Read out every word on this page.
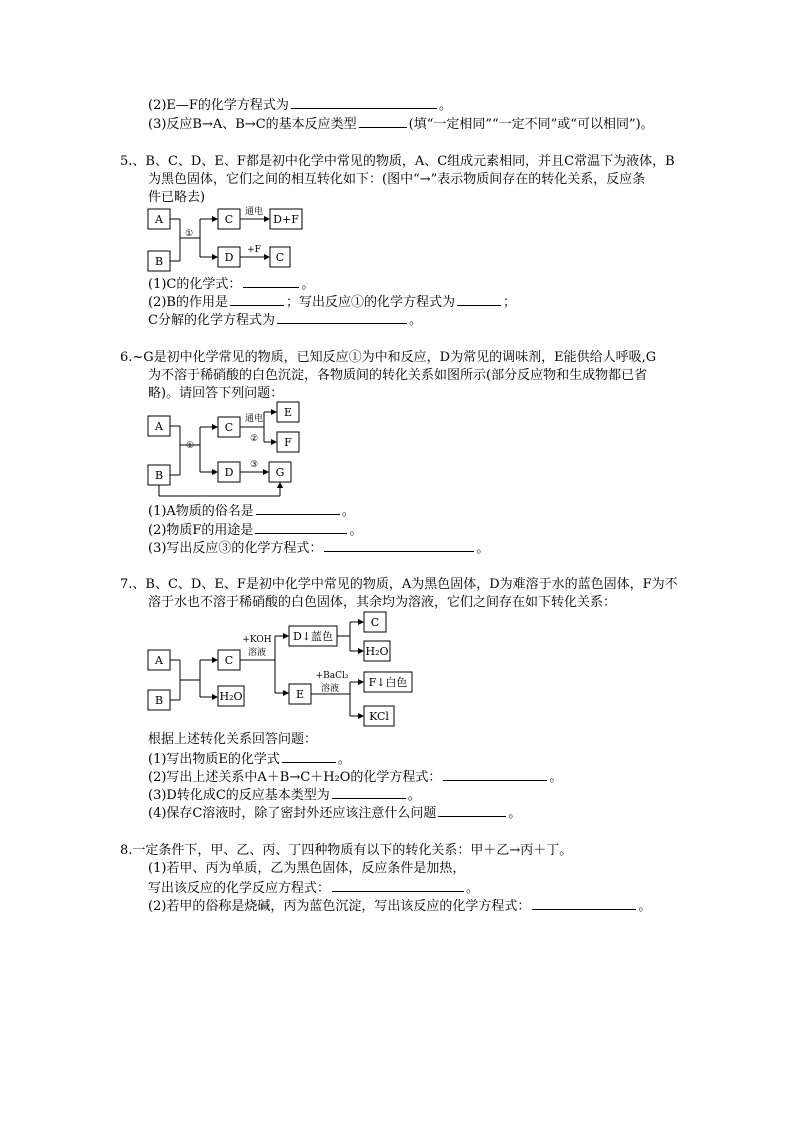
(2)E—F的化学方程式为	。
(3)反应B→A、B→C的基本反应类型	(填“一定相同”“一定不同”或“可以相同”)。
5.、B、C、D、E、F都是初中化学中常见的物质，A、C组成元素相同，并且C常温下为液体，B
为黑色固体，它们之间的相互转化如下：(图中“→”表示物质间存在的转化关系，反应条
件已略去)
A
B
①
C
通电
D+F
D
+F
C
(1)C的化学式：	。
(2)B的作用是	；写出反应①的化学方程式为	；
C分解的化学方程式为	。
6.~G是初中化学常见的物质，已知反应①为中和反应，D为常见的调味剂，E能供给人呼吸,G
为不溶于稀硝酸的白色沉淀，各物质间的转化关系如图所示(部分反应物和生成物都已省
略)。请回答下列问题：
A
B
①
C
通电
②
E
F
D
③
G
(1)A物质的俗名是	。
(2)物质F的用途是	。
(3)写出反应③的化学方程式：	。
7.、B、C、D、E、F是初中化学中常见的物质，A为黑色固体，D为难溶于水的蓝色固体，F为不
溶于水也不溶于稀硝酸的白色固体，其余均为溶液，它们之间存在如下转化关系：
A
B
C
H₂O
+KOH
溶液
D↓蓝色
C
H₂O
E
+BaCl₂
溶液	F↓白色
KCl
根据上述转化关系回答问题：
(1)写出物质E的化学式	。
(2)写出上述关系中A＋B→C＋H₂O的化学方程式：	。
(3)D转化成C的反应基本类型为	。
(4)保存C溶液时，除了密封外还应该注意什么问题	。
8.一定条件下，甲、乙、丙、丁四种物质有以下的转化关系：甲＋乙→丙＋丁。
(1)若甲、丙为单质，乙为黑色固体，反应条件是加热，
写出该反应的化学反应方程式：	。
(2)若甲的俗称是烧碱，丙为蓝色沉淀，写出该反应的化学方程式：	。
